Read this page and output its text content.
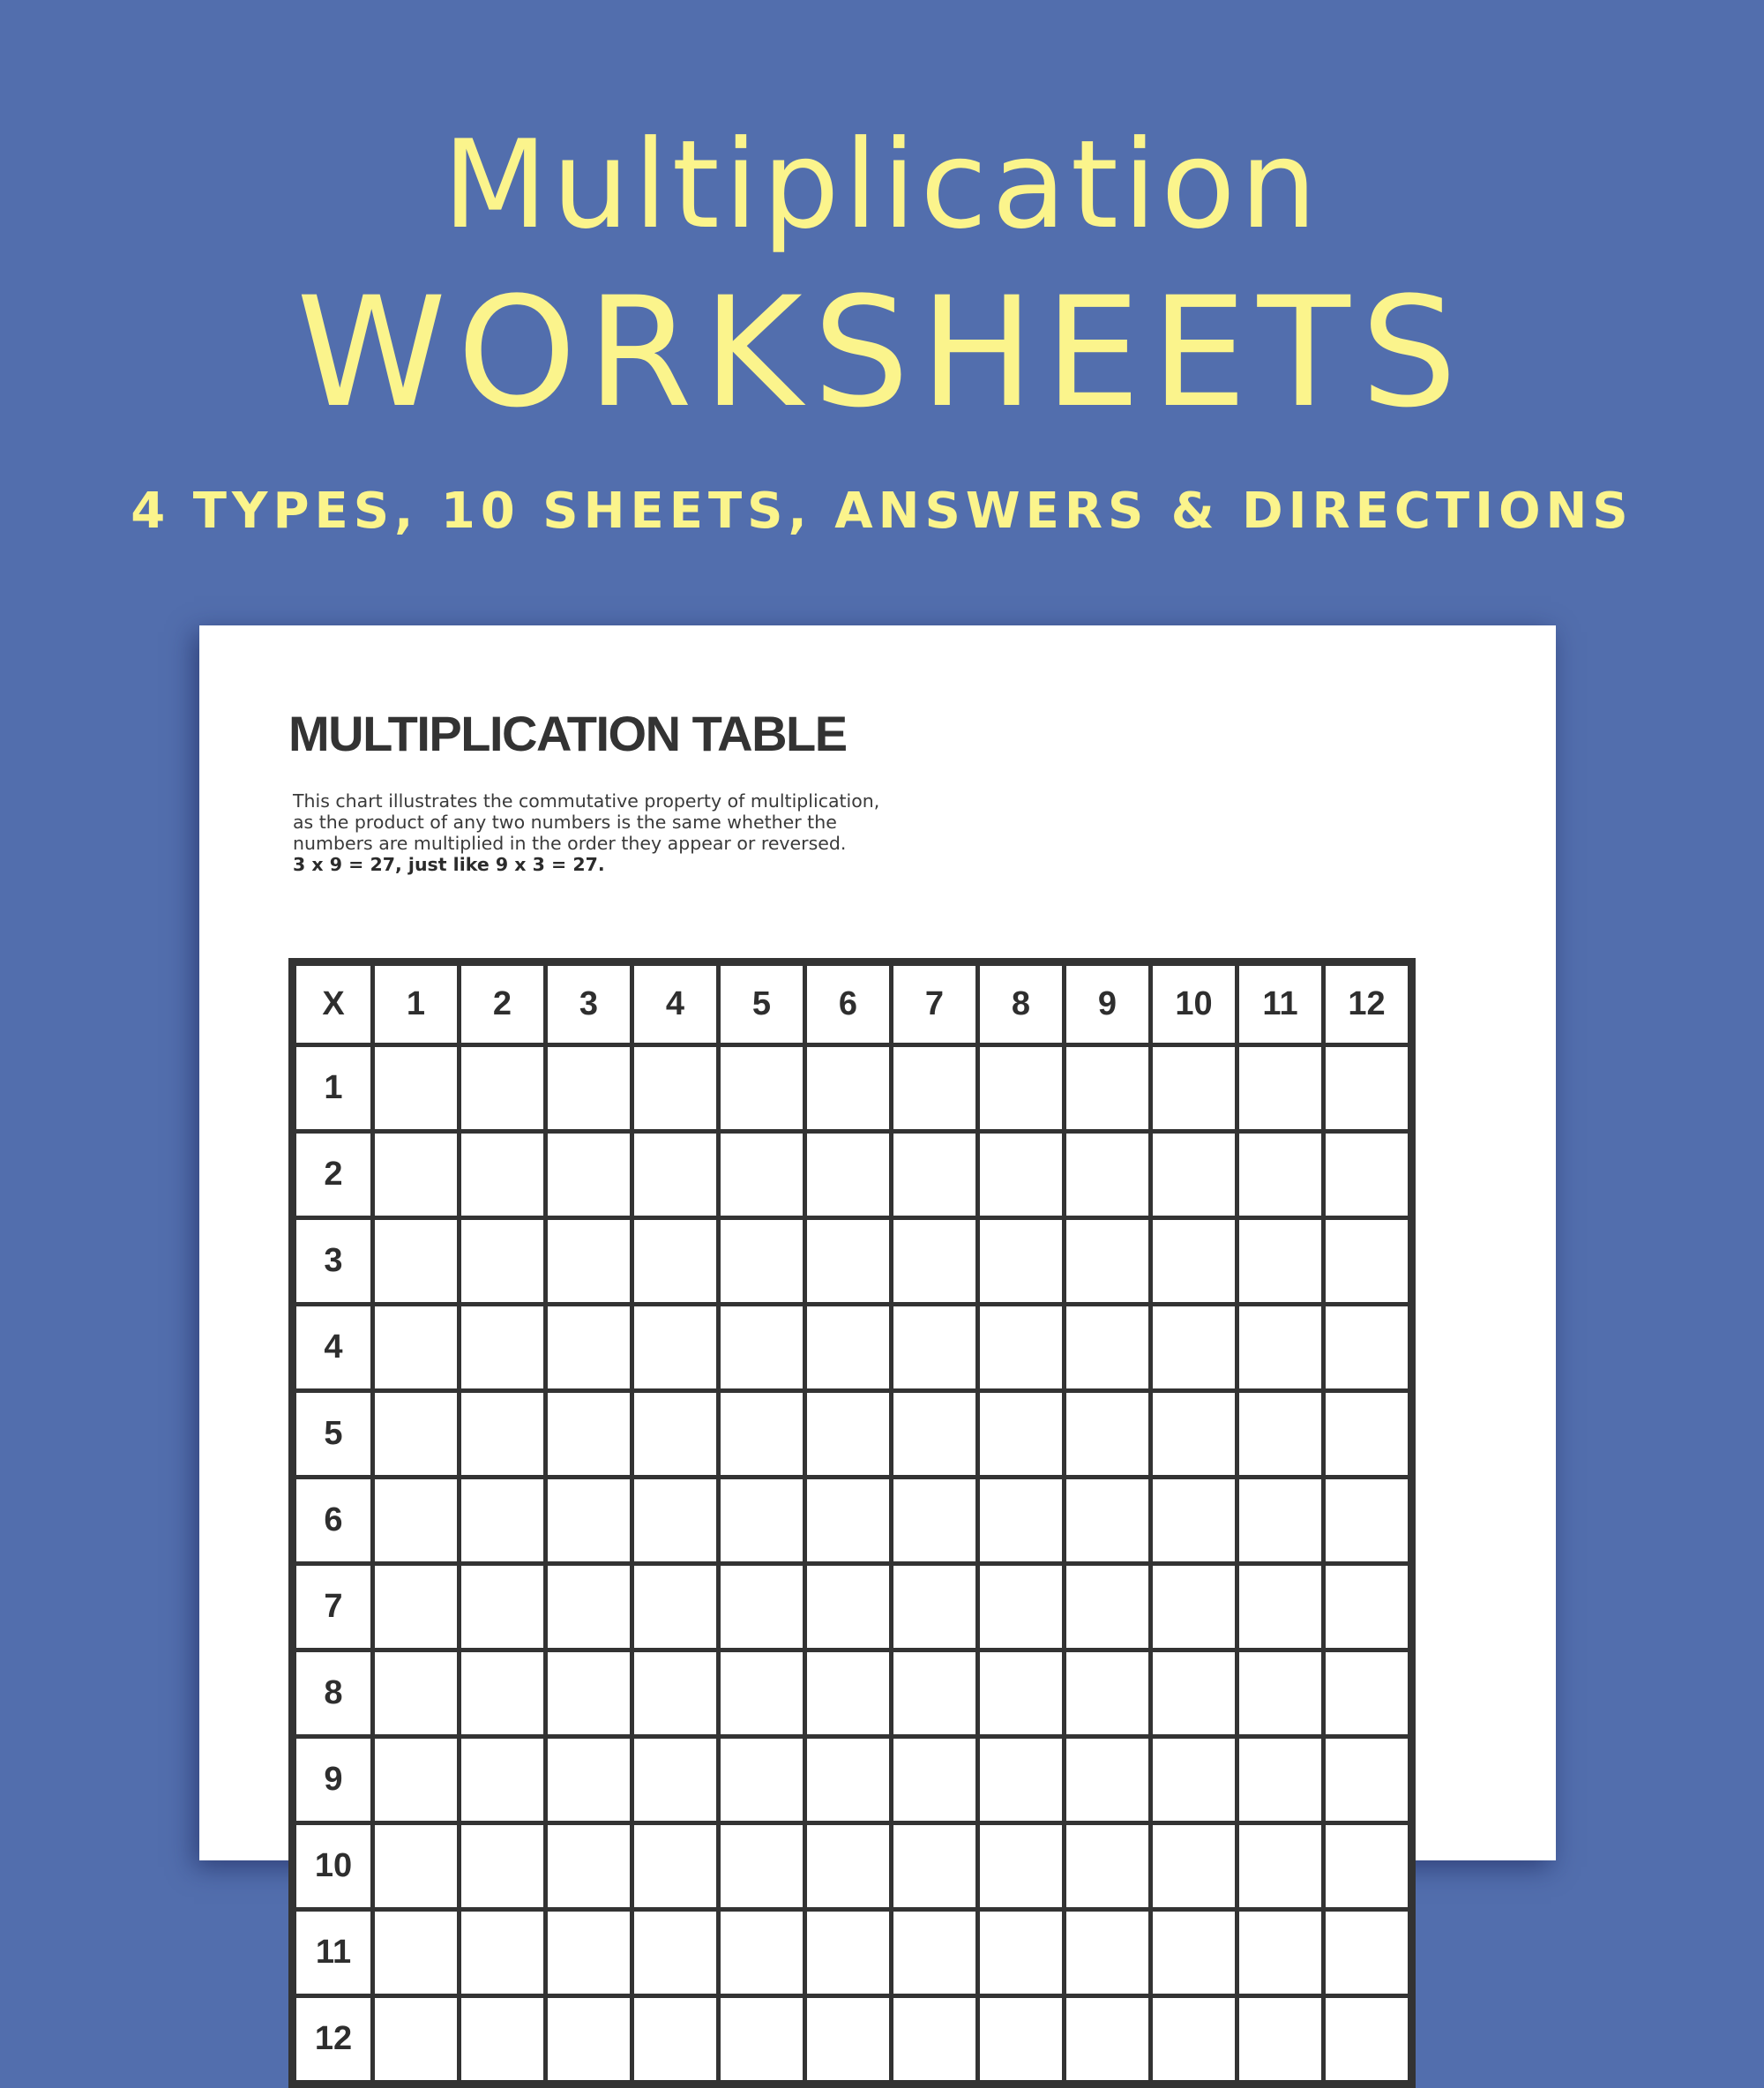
Multiplication
WORKSHEETS

4 TYPES, 10 SHEETS, ANSWERS & DIRECTIONS

MULTIPLICATION TABLE

This chart illustrates the commutative property of multiplication,

as the product of any two numbers is the same whether the

numbers are multiplied in the order they appear or reversed.

3 x 9 = 27, just like 9 x 3 = 27.

X	1	2	3	4	5	6	7	8	9	10	11	12
1												
2												
3												
4												
5												
6												
7												
8												
9												
10												
11												
12												
